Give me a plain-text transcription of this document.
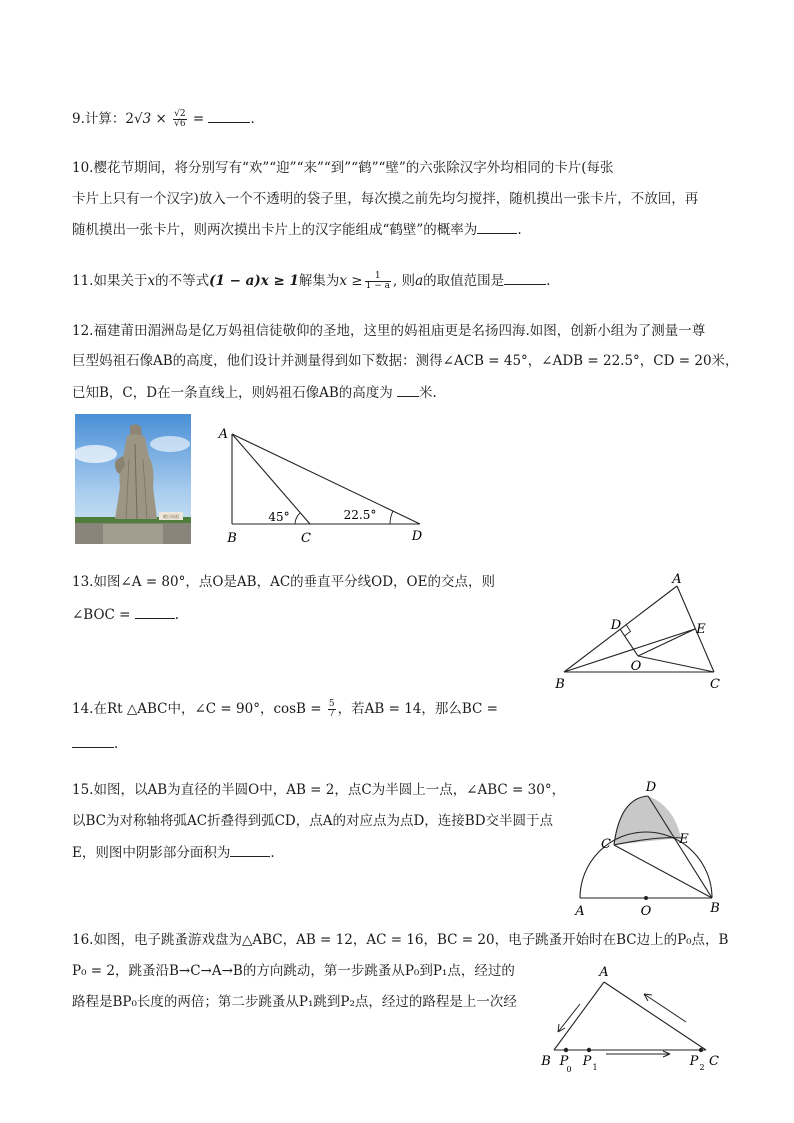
9.计算：$2√3 \times \frac{√2}{√6}$ =	.
10.樱花节期间，将分别写有“欢”“迎”“来”“到”“鹤”“壁”的六张除汉字外均相同的卡片(每张
卡片上只有一个汉字)放入一个不透明的袋子里，每次摸之前先均匀搅拌，随机摸出一张卡片，不放回，再
随机摸出一张卡片，则两次摸出卡片上的汉字能组成“鹤壁”的概率为	.
11.如果关于x的不等式(1 − a)x ≥ 1解集为$x \ge \frac{1}{1 - a}$ , 则a的取值范围是	.
12.福建莆田湄洲岛是亿万妈祖信徒敬仰的圣地，这里的妈祖庙更是名扬四海.如图，创新小组为了测量一尊
巨型妈祖石像AB的高度，他们设计并测量得到如下数据：测得∠ACB = 45°，∠ADB = 22.5°，CD = 20米，
已知B，C，D在一条直线上，则妈祖石像AB的高度为 米.
晴日妈祖
A
B	C	D
45°	22.5°
13.如图∠A = 80°，点O是AB，AC的垂直平分线OD，OE的交点，则
∠BOC =	.
A
B	C
D	E
O
14.在Rt △ABC中，∠C = 90°，$\cos B = \frac{5}{7}$ ，若AB = 14，那么BC =
.
15.如图，以AB为直径的半圆O中，AB = 2，点C为半圆上一点，∠ABC = 30°，
以BC为对称轴将弧AC折叠得到弧CD，点A的对应点为点D，连接BD交半圆于点
E，则图中阴影部分面积为	.
D
C	E
A	O	B
16.如图，电子跳蚤游戏盘为△ABC，AB = 12，AC = 16，BC = 20，电子跳蚤开始时在BC边上的P₀点，B
P₀ = 2，跳蚤沿B→C→A→B的方向跳动，第一步跳蚤从P₀到P₁点，经过的
路程是BP₀长度的两倍；第二步跳蚤从P₁跳到P₂点，经过的路程是上一次经
A
B	C
P
0
P 1	P 2
